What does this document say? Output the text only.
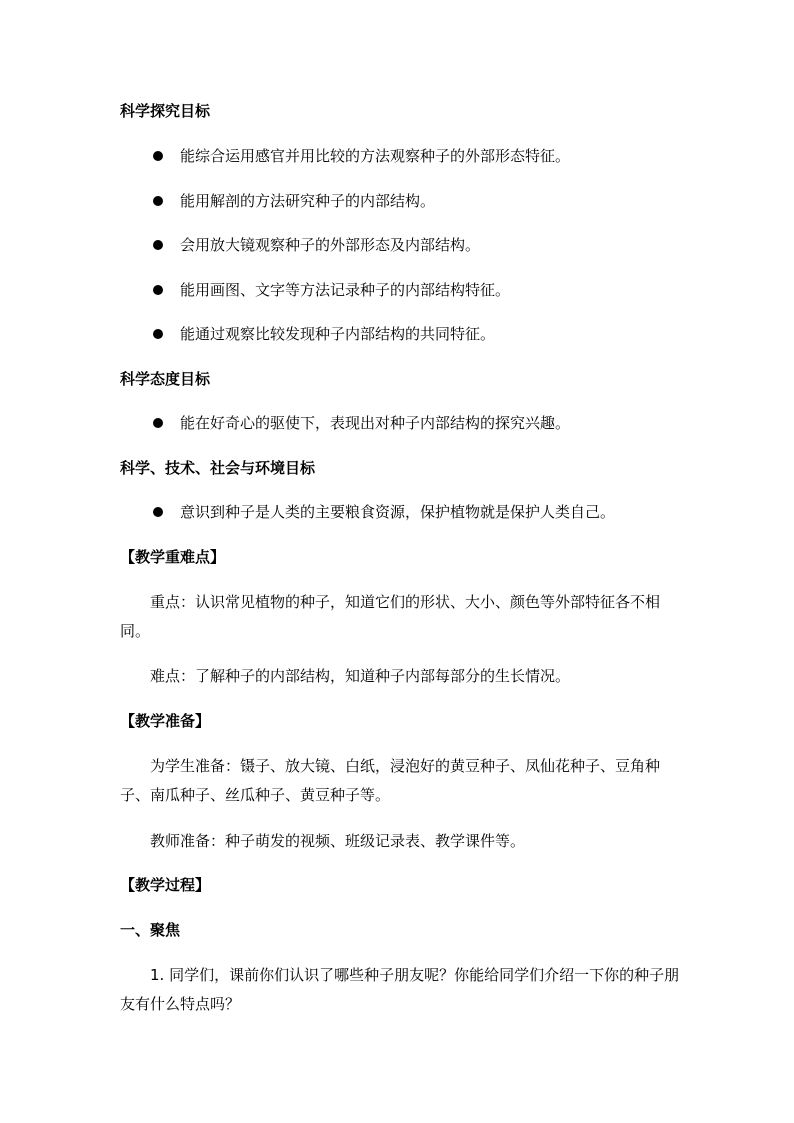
科学探究目标
能综合运用感官并用比较的方法观察种子的外部形态特征。
能用解剖的方法研究种子的内部结构。
会用放大镜观察种子的外部形态及内部结构。
能用画图、文字等方法记录种子的内部结构特征。
能通过观察比较发现种子内部结构的共同特征。
科学态度目标
能在好奇心的驱使下，表现出对种子内部结构的探究兴趣。
科学、技术、社会与环境目标
意识到种子是人类的主要粮食资源，保护植物就是保护人类自己。
【教学重难点】
重点：认识常见植物的种子，知道它们的形状、大小、颜色等外部特征各不相同。
难点：了解种子的内部结构，知道种子内部每部分的生长情况。
【教学准备】
为学生准备：镊子、放大镜、白纸，浸泡好的黄豆种子、凤仙花种子、豆角种子、南瓜种子、丝瓜种子、黄豆种子等。
教师准备：种子萌发的视频、班级记录表、教学课件等。
【教学过程】
一、聚焦
1. 同学们，课前你们认识了哪些种子朋友呢？你能给同学们介绍一下你的种子朋友有什么特点吗？
